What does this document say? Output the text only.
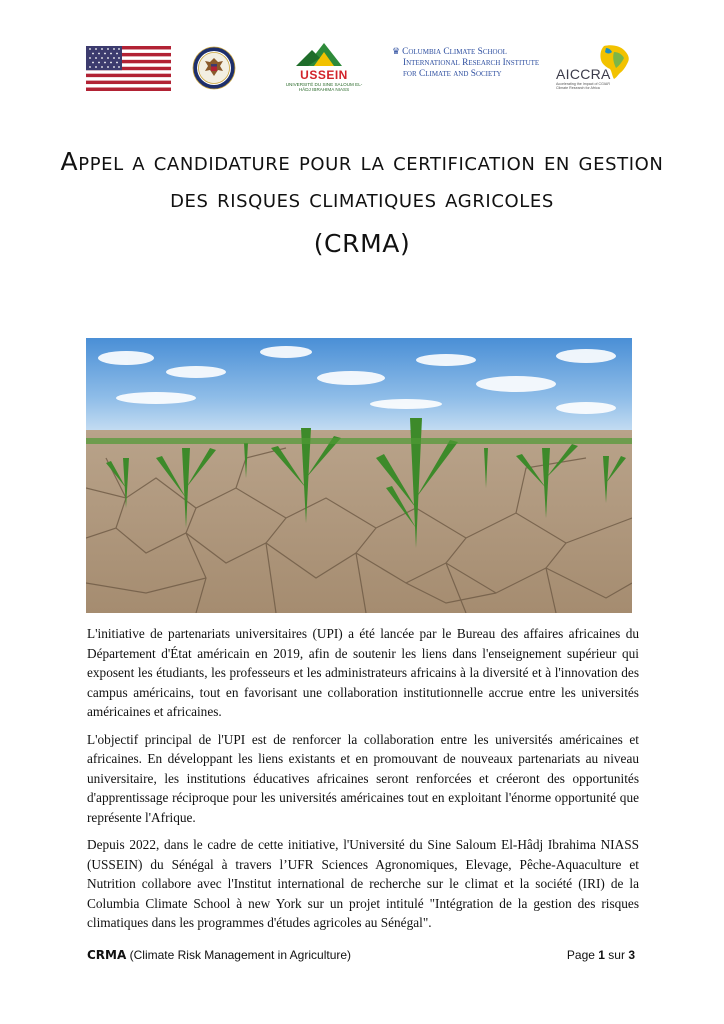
USSEIN
UNIVERSITÉ DU SINE SALOUM EL-HÂDJ IBRAHIMA NIASS
♛ Columbia Climate School
International Research Institute
for Climate and Society	AICCRA
Accelerating the Impact of CGIAR Climate Research for Africa
Appel a candidature pour la certification en gestion des risques climatiques agricoles
(CRMA)

L'initiative de partenariats universitaires (UPI) a été lancée par le Bureau des affaires africaines du Département d'État américain en 2019, afin de soutenir les liens dans l'enseignement supérieur qui exposent les étudiants, les professeurs et les administrateurs africains à la diversité et à l'innovation des campus américains, tout en favorisant une collaboration institutionnelle accrue entre les universités américaines et africaines.

L'objectif principal de l'UPI est de renforcer la collaboration entre les universités américaines et africaines. En développant les liens existants et en promouvant de nouveaux partenariats au niveau universitaire, les institutions éducatives africaines seront renforcées et créeront des opportunités d'apprentissage réciproque pour les universités américaines tout en exploitant l'énorme opportunité que représente l'Afrique.

Depuis 2022, dans le cadre de cette initiative, l'Université du Sine Saloum El-Hâdj Ibrahima NIASS (USSEIN) du Sénégal à travers l’UFR Sciences Agronomiques, Elevage, Pêche-Aquaculture et Nutrition collabore avec l'Institut international de recherche sur le climat et la société (IRI) de la Columbia Climate School à new York sur un projet intitulé "Intégration de la gestion des risques climatiques dans les programmes d'études agricoles au Sénégal".

CRMA (Climate Risk Management in Agriculture)	Page 1 sur 3
